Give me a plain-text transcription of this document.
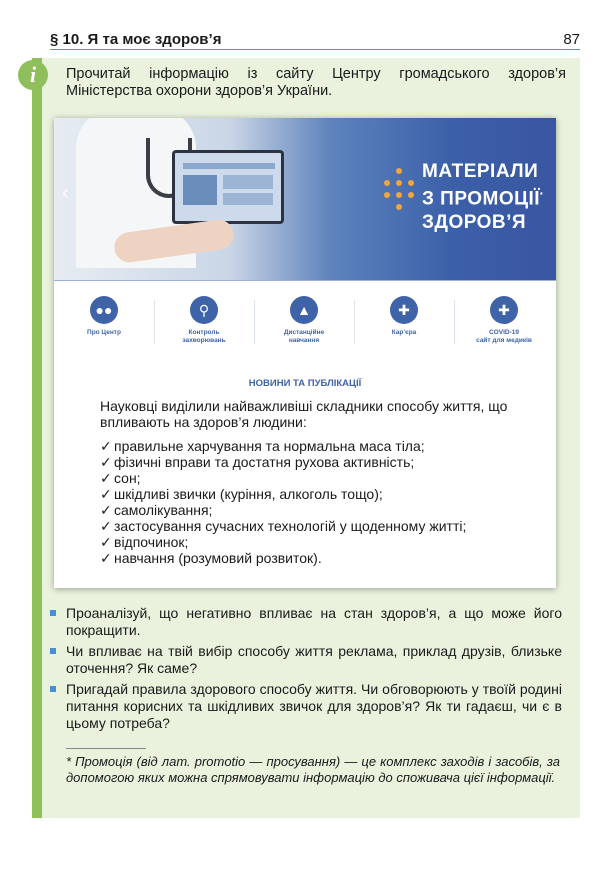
§ 10. Я та моє здоров’я	87
i	Прочитай інформацію із сайту Центру громадського здоров’я Міністерства охорони здоров’я України.

‹
МАТЕРІАЛИ
З ПРОМОЦІЇ*
ЗДОРОВ’Я
●●
Про Центр
⚲
Контроль
захворювань
▲
Дистанційне
навчання
✚
Кар’єра
✚
COVID-19
сайт для медиків
НОВИНИ ТА ПУБЛІКАЦІЇ

Науковці виділили найважливіші складники способу життя, що впливають на здоров’я людини:

✓ правильне харчування та нормальна маса тіла;
✓ фізичні вправи та достатня рухова активність;
✓ сон;
✓ шкідливі звички (куріння, алкоголь тощо);
✓ самолікування;
✓ застосування сучасних технологій у щоденному житті;
✓ відпочинок;
✓ навчання (розумовий розвиток).
Проаналізуй, що негативно впливає на стан здоров’я, а що може його покращити.
Чи впливає на твій вибір способу життя реклама, приклад друзів, близьке оточення? Як саме?
Пригадай правила здорового способу життя. Чи обговорюють у твоїй родині питання корисних та шкідливих звичок для здоров’я? Як ти гадаєш, чи є в цьому потреба?

* Промоція (від лат. promotio — просування) — це комплекс заходів і засобів, за допомогою яких можна спрямовувати інформацію до споживача цієї інформації.
